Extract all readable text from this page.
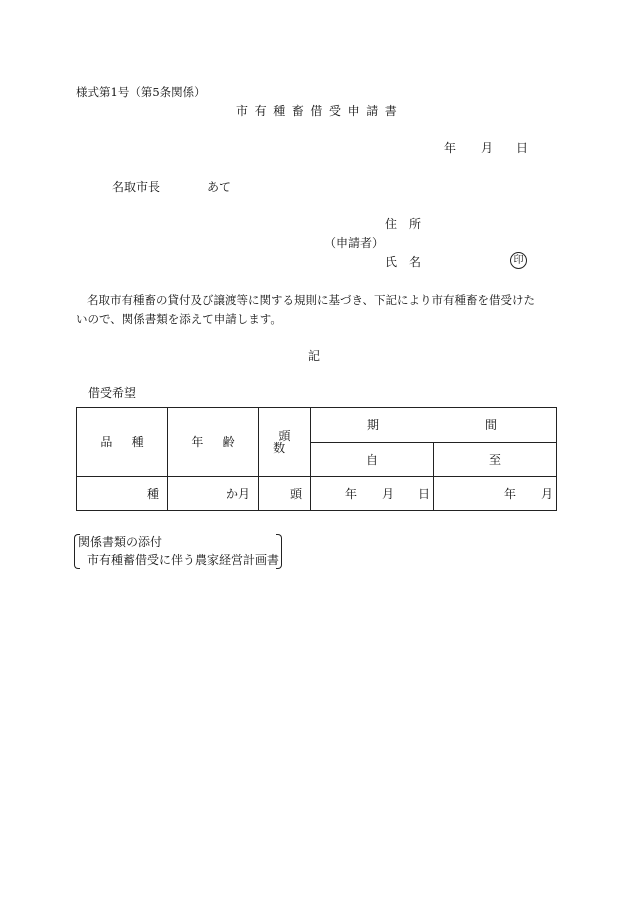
様式第1号（第5条関係）
市有種畜借受申請書
年 月 日
名取市長	あて
住　所
（申請者）
氏　名	印
名取市有種畜の貸付及び譲渡等に関する規則に基づき、下記により市有種畜を借受けた
いので、関係書類を添えて申請します。
記
借受希望
品種	年齢	頭数	期 間	

			自	至
種	か月	頭	年 月 日	年 月
関係書類の添付
市有種蓄借受に伴う農家経営計画書
